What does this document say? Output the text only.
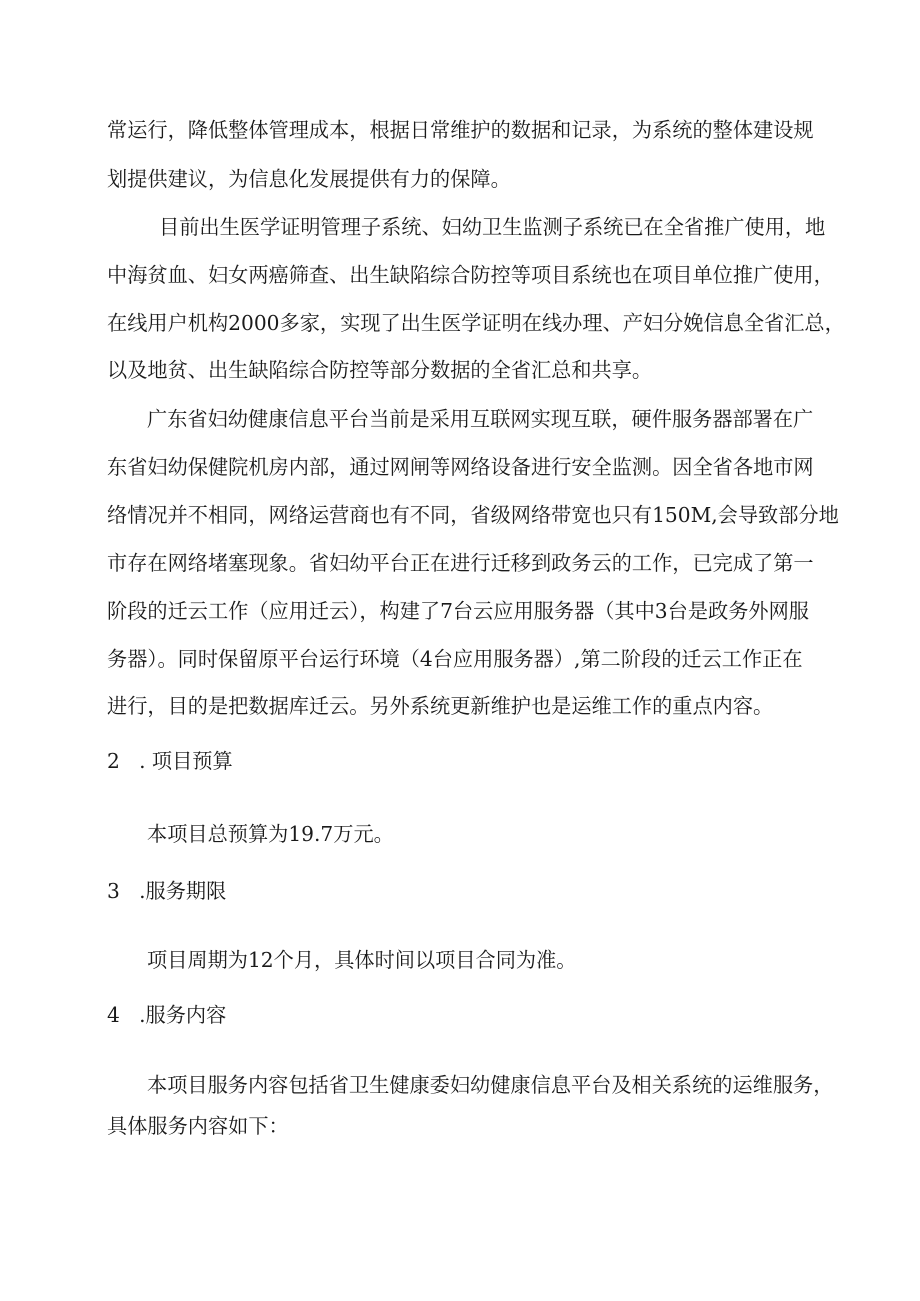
常运行，降低整体管理成本，根据日常维护的数据和记录，为系统的整体建设规
划提供建议，为信息化发展提供有力的保障。
目前出生医学证明管理子系统、妇幼卫生监测子系统已在全省推广使用，地
中海贫血、妇女两癌筛查、出生缺陷综合防控等项目系统也在项目单位推广使用，
在线用户机构2000多家，实现了出生医学证明在线办理、产妇分娩信息全省汇总，
以及地贫、出生缺陷综合防控等部分数据的全省汇总和共享。
广东省妇幼健康信息平台当前是采用互联网实现互联，硬件服务器部署在广
东省妇幼保健院机房内部，通过网闸等网络设备进行安全监测。因全省各地市网
络情况并不相同，网络运营商也有不同，省级网络带宽也只有150M,会导致部分地
市存在网络堵塞现象。省妇幼平台正在进行迁移到政务云的工作，已完成了第一
阶段的迁云工作（应用迁云），构建了7台云应用服务器（其中3台是政务外网服
务器）。同时保留原平台运行环境（4台应用服务器）,第二阶段的迁云工作正在
进行，目的是把数据库迁云。另外系统更新维护也是运维工作的重点内容。
2   . 项目预算
本项目总预算为19.7万元。
3   .服务期限
项目周期为12个月，具体时间以项目合同为准。
4   .服务内容
本项目服务内容包括省卫生健康委妇幼健康信息平台及相关系统的运维服务，
具体服务内容如下：
